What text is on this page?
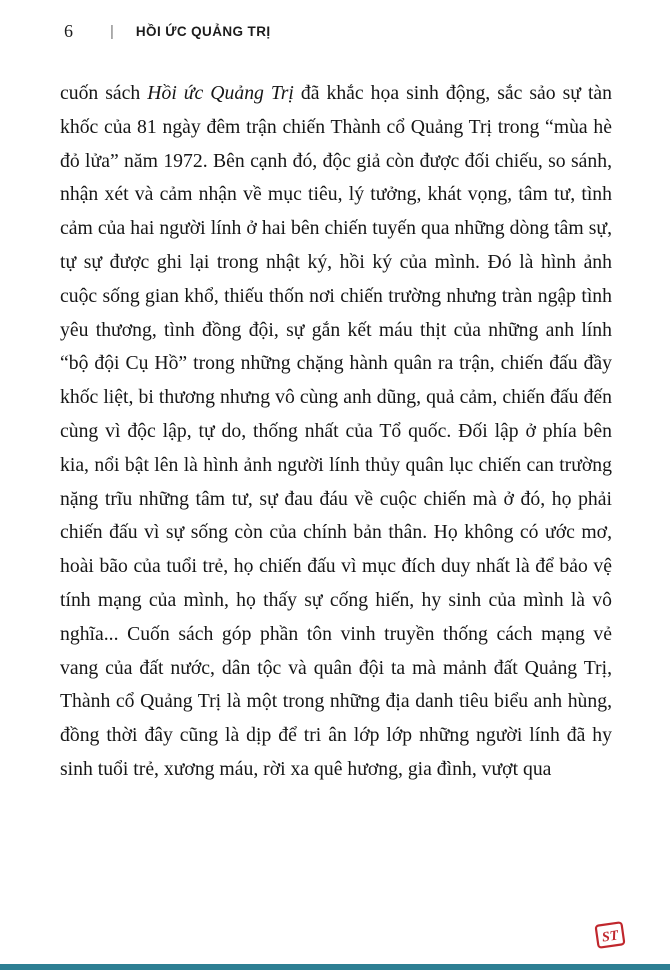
6	| HỒI ỨC QUẢNG TRỊ

cuốn sách Hồi ức Quảng Trị đã khắc họa sinh động, sắc sảo sự tàn khốc của 81 ngày đêm trận chiến Thành cổ Quảng Trị trong “mùa hè đỏ lửa” năm 1972. Bên cạnh đó, độc giả còn được đối chiếu, so sánh, nhận xét và cảm nhận về mục tiêu, lý tưởng, khát vọng, tâm tư, tình cảm của hai người lính ở hai bên chiến tuyến qua những dòng tâm sự, tự sự được ghi lại trong nhật ký, hồi ký của mình. Đó là hình ảnh cuộc sống gian khổ, thiếu thốn nơi chiến trường nhưng tràn ngập tình yêu thương, tình đồng đội, sự gắn kết máu thịt của những anh lính “bộ đội Cụ Hồ” trong những chặng hành quân ra trận, chiến đấu đầy khốc liệt, bi thương nhưng vô cùng anh dũng, quả cảm, chiến đấu đến cùng vì độc lập, tự do, thống nhất của Tổ quốc. Đối lập ở phía bên kia, nổi bật lên là hình ảnh người lính thủy quân lục chiến can trường nặng trĩu những tâm tư, sự đau đáu về cuộc chiến mà ở đó, họ phải chiến đấu vì sự sống còn của chính bản thân. Họ không có ước mơ, hoài bão của tuổi trẻ, họ chiến đấu vì mục đích duy nhất là để bảo vệ tính mạng của mình, họ thấy sự cống hiến, hy sinh của mình là vô nghĩa... Cuốn sách góp phần tôn vinh truyền thống cách mạng vẻ vang của đất nước, dân tộc và quân đội ta mà mảnh đất Quảng Trị, Thành cổ Quảng Trị là một trong những địa danh tiêu biểu anh hùng, đồng thời đây cũng là dịp để tri ân lớp lớp những người lính đã hy sinh tuổi trẻ, xương máu, rời xa quê hương, gia đình, vượt qua

ST
